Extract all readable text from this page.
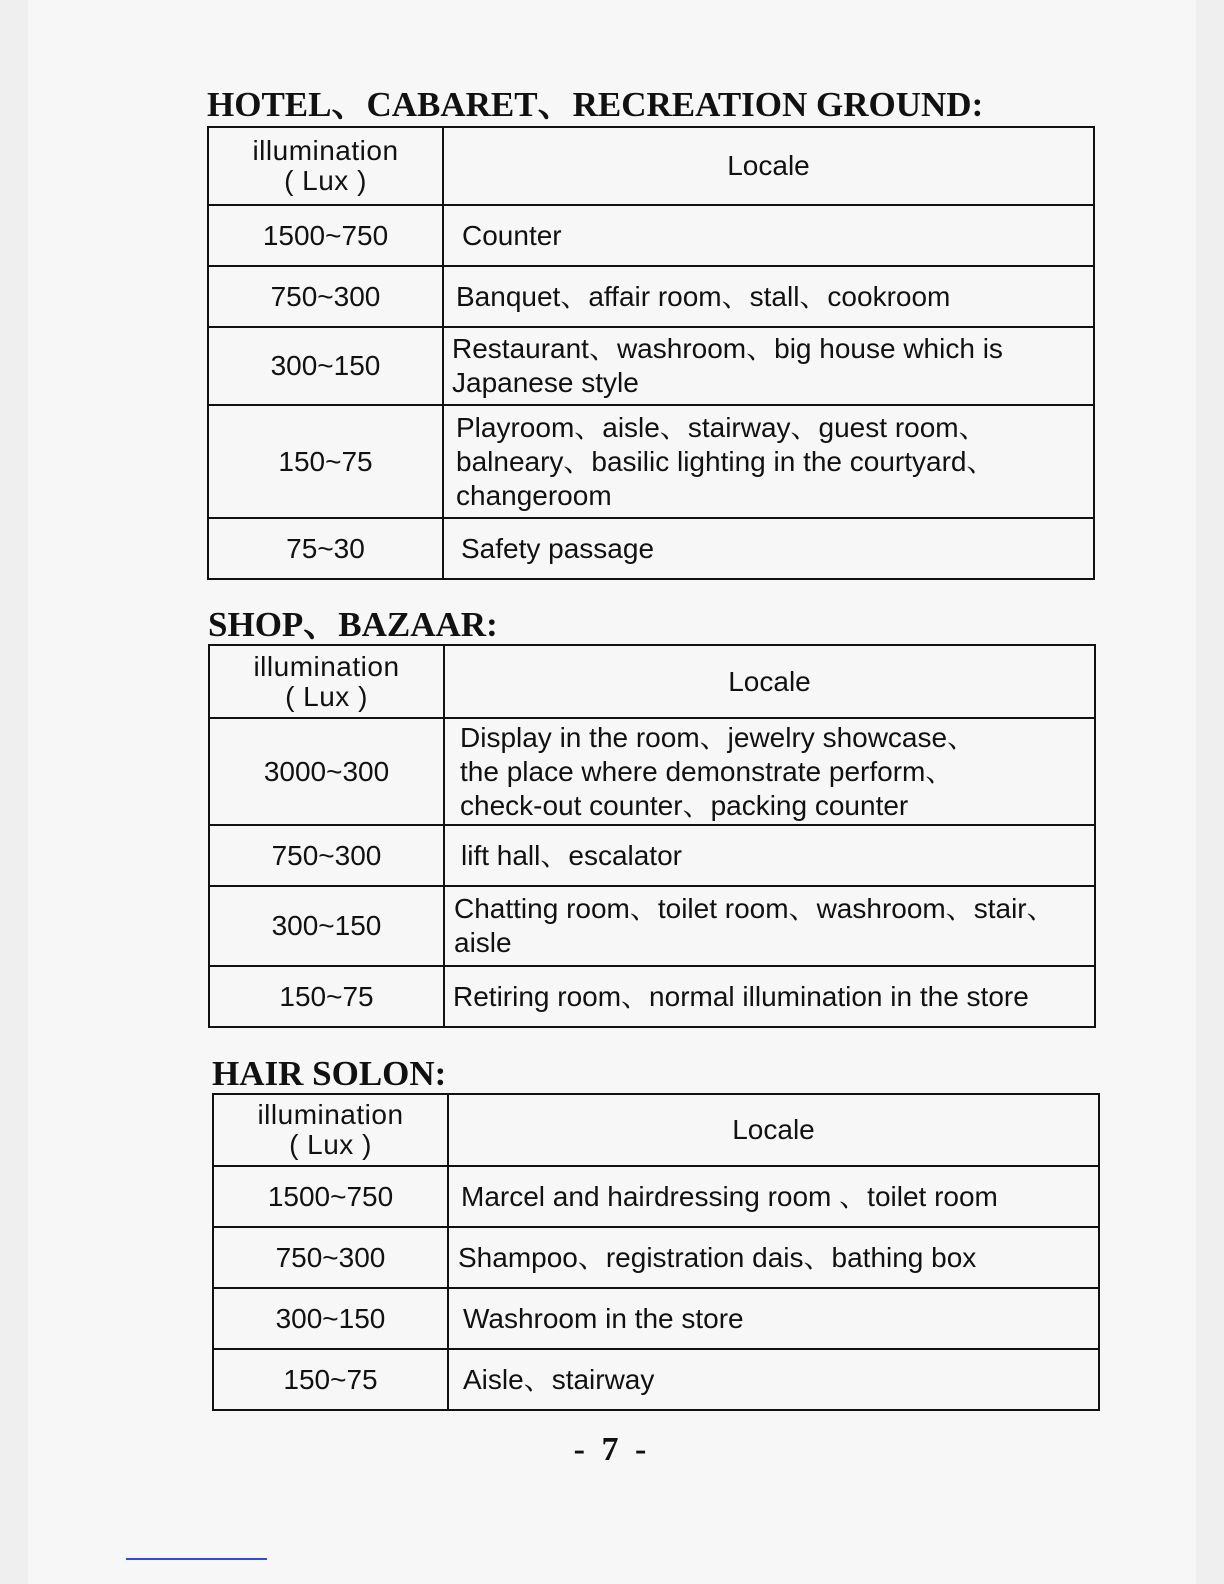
HOTEL、CABARET、RECREATION GROUND:
illumination
( Lux )	Locale
1500~750	Counter
750~300	Banquet、affair room、stall、cookroom
300~150	Restaurant、washroom、big house which is Japanese style
150~75	Playroom、aisle、stairway、guest room、balneary、basilic lighting in the courtyard、changeroom
75~30	Safety passage
SHOP、BAZAAR:
illumination
( Lux )	Locale
3000~300	Display in the room、jewelry showcase、the place where demonstrate perform、check-out counter、packing counter
750~300	lift hall、escalator
300~150	Chatting room、toilet room、washroom、stair、aisle
150~75	Retiring room、normal illumination in the store
HAIR SOLON:
illumination
( Lux )	Locale
1500~750	Marcel and hairdressing room 、toilet room
750~300	Shampoo、registration dais、bathing box
300~150	Washroom in the store
150~75	Aisle、stairway
- 7 -
